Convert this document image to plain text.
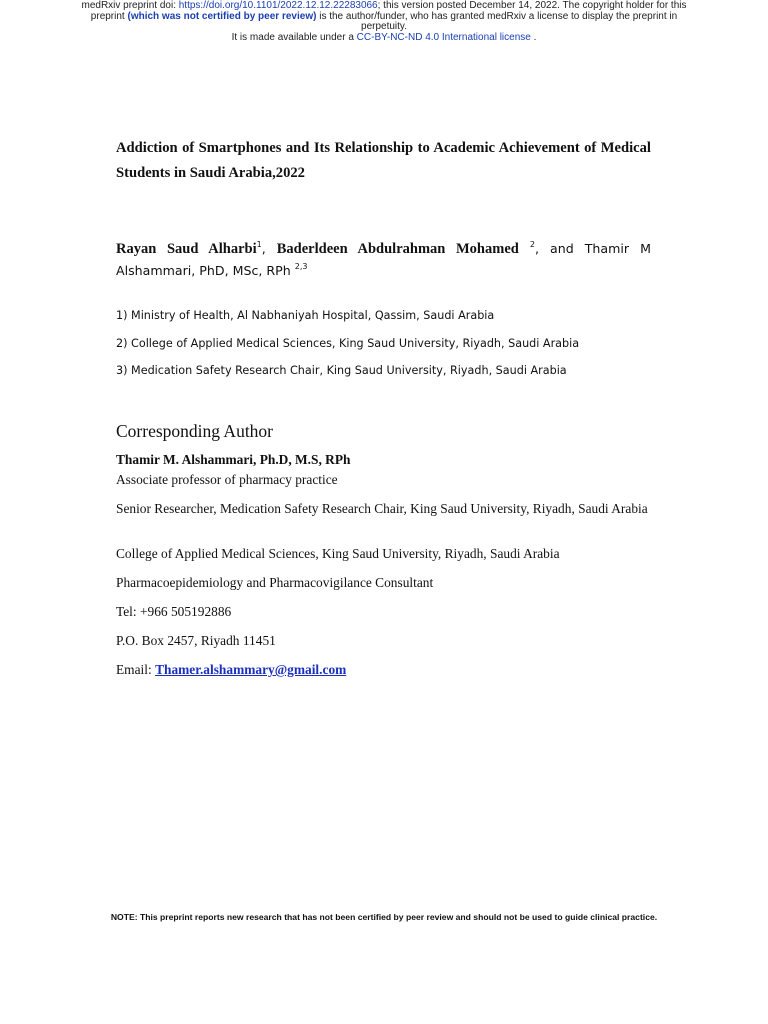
medRxiv preprint doi: https://doi.org/10.1101/2022.12.12.22283066; this version posted December 14, 2022. The copyright holder for this
preprint (which was not certified by peer review) is the author/funder, who has granted medRxiv a license to display the preprint in
perpetuity.
It is made available under a CC-BY-NC-ND 4.0 International license .
Addiction of Smartphones and Its Relationship to Academic Achievement of Medical Students in Saudi Arabia,2022
Rayan Saud Alharbi$^1$, Baderldeen Abdulrahman Mohamed $^2$, and Thamir M Alshammari, PhD, MSc, RPh $^{2,3}$
1) Ministry of Health, Al Nabhaniyah Hospital, Qassim, Saudi Arabia
2) College of Applied Medical Sciences, King Saud University, Riyadh, Saudi Arabia
3) Medication Safety Research Chair, King Saud University, Riyadh, Saudi Arabia
Corresponding Author
Thamir M. Alshammari, Ph.D, M.S, RPh
Associate professor of pharmacy practice
Senior Researcher, Medication Safety Research Chair, King Saud University, Riyadh, Saudi Arabia
College of Applied Medical Sciences, King Saud University, Riyadh, Saudi Arabia
Pharmacoepidemiology and Pharmacovigilance Consultant
Tel: +966 505192886
P.O. Box 2457, Riyadh 11451
Email: Thamer.alshammary@gmail.com
NOTE: This preprint reports new research that has not been certified by peer review and should not be used to guide clinical practice.
